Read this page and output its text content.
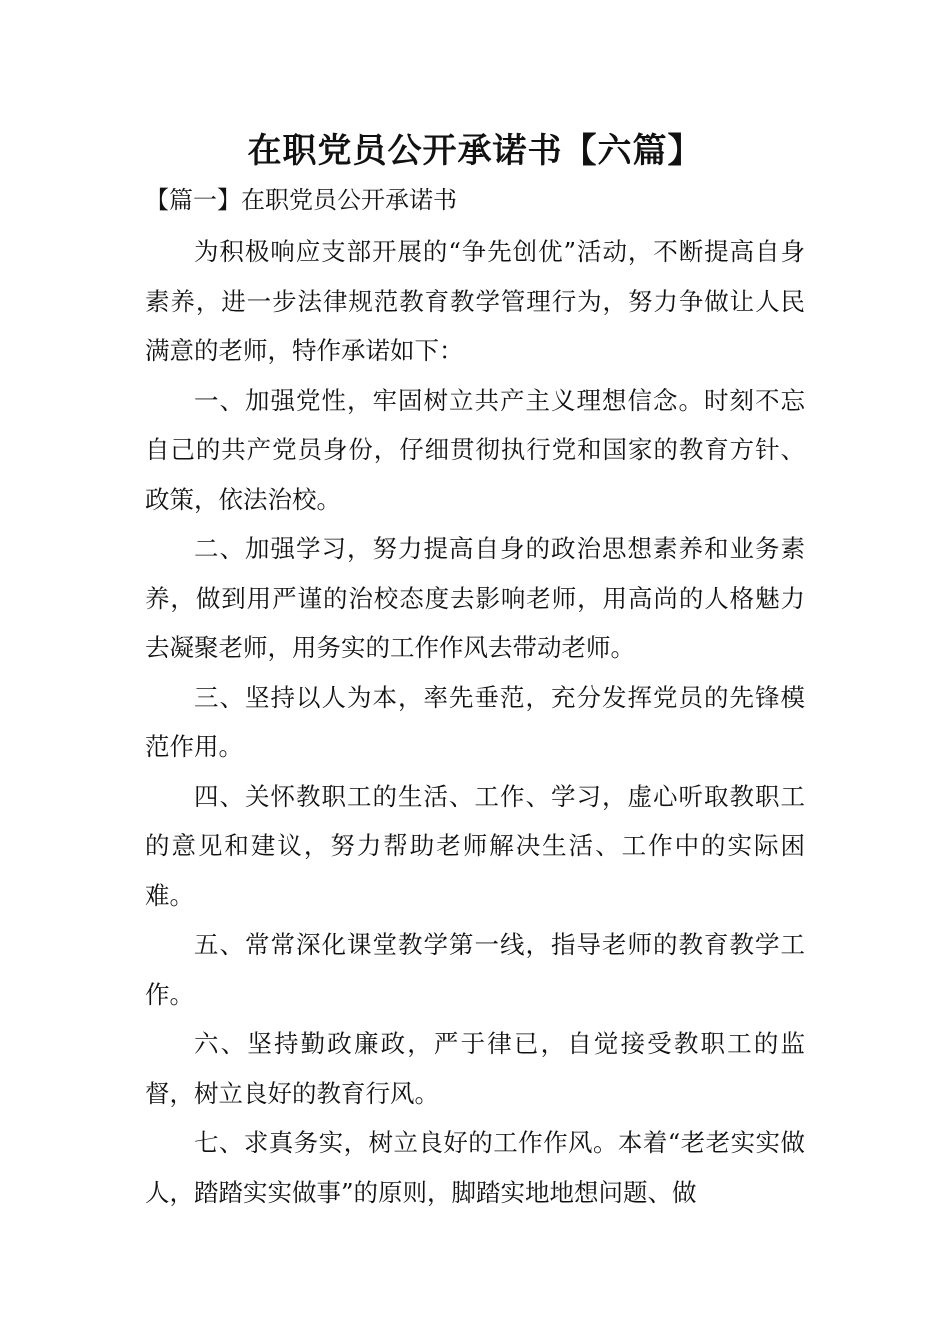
在职党员公开承诺书【六篇】
【篇一】在职党员公开承诺书

为积极响应支部开展的“争先创优”活动，不断提高自身素养，进一步法律规范教育教学管理行为，努力争做让人民满意的老师，特作承诺如下：

一、加强党性，牢固树立共产主义理想信念。时刻不忘自己的共产党员身份，仔细贯彻执行党和国家的教育方针、政策，依法治校。

二、加强学习，努力提高自身的政治思想素养和业务素养，做到用严谨的治校态度去影响老师，用高尚的人格魅力去凝聚老师，用务实的工作作风去带动老师。

三、坚持以人为本，率先垂范，充分发挥党员的先锋模范作用。

四、关怀教职工的生活、工作、学习，虚心听取教职工的意见和建议，努力帮助老师解决生活、工作中的实际困难。

五、常常深化课堂教学第一线，指导老师的教育教学工作。

六、坚持勤政廉政，严于律已，自觉接受教职工的监督，树立良好的教育行风。

七、求真务实，树立良好的工作作风。本着“老老实实做人，踏踏实实做事”的原则，脚踏实地地想问题、做
